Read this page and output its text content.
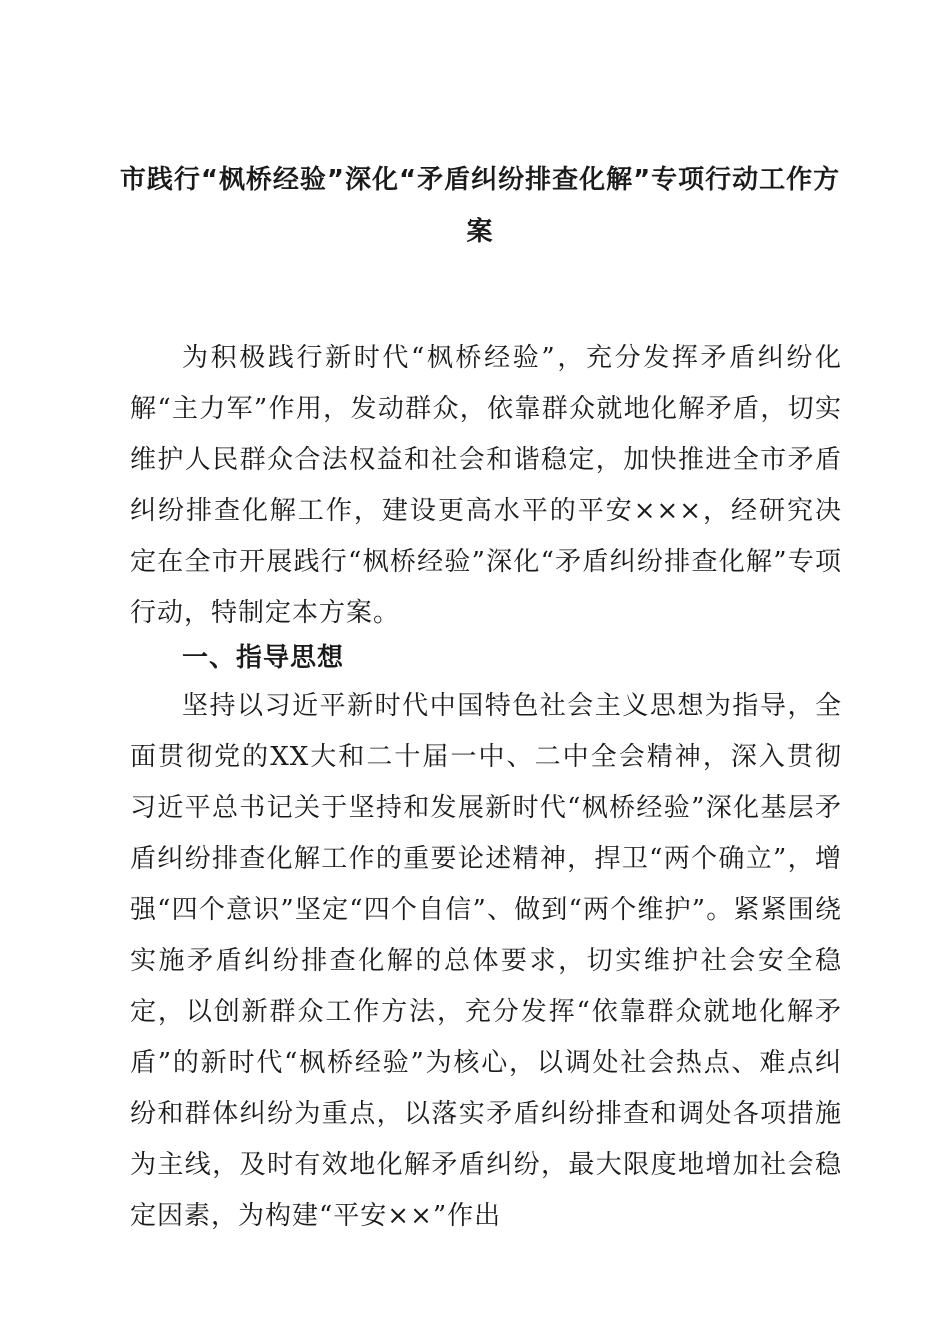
市践行“枫桥经验”深化“矛盾纠纷排查化解”专项行动工作方案

为积极践行新时代“枫桥经验”，充分发挥矛盾纠纷化解“主力军”作用，发动群众，依靠群众就地化解矛盾，切实维护人民群众合法权益和社会和谐稳定，加快推进全市矛盾纠纷排查化解工作，建设更高水平的平安×××，经研究决定在全市开展践行“枫桥经验”深化“矛盾纠纷排查化解”专项行动，特制定本方案。

一、指导思想

坚持以习近平新时代中国特色社会主义思想为指导，全面贯彻党的XX大和二十届一中、二中全会精神，深入贯彻习近平总书记关于坚持和发展新时代“枫桥经验”深化基层矛盾纠纷排查化解工作的重要论述精神，捍卫“两个确立”，增强“四个意识”坚定“四个自信”、做到“两个维护”。紧紧围绕实施矛盾纠纷排查化解的总体要求，切实维护社会安全稳定，以创新群众工作方法，充分发挥“依靠群众就地化解矛盾”的新时代“枫桥经验”为核心，以调处社会热点、难点纠纷和群体纠纷为重点，以落实矛盾纠纷排查和调处各项措施为主线，及时有效地化解矛盾纠纷，最大限度地增加社会稳定因素，为构建“平安××”作出
